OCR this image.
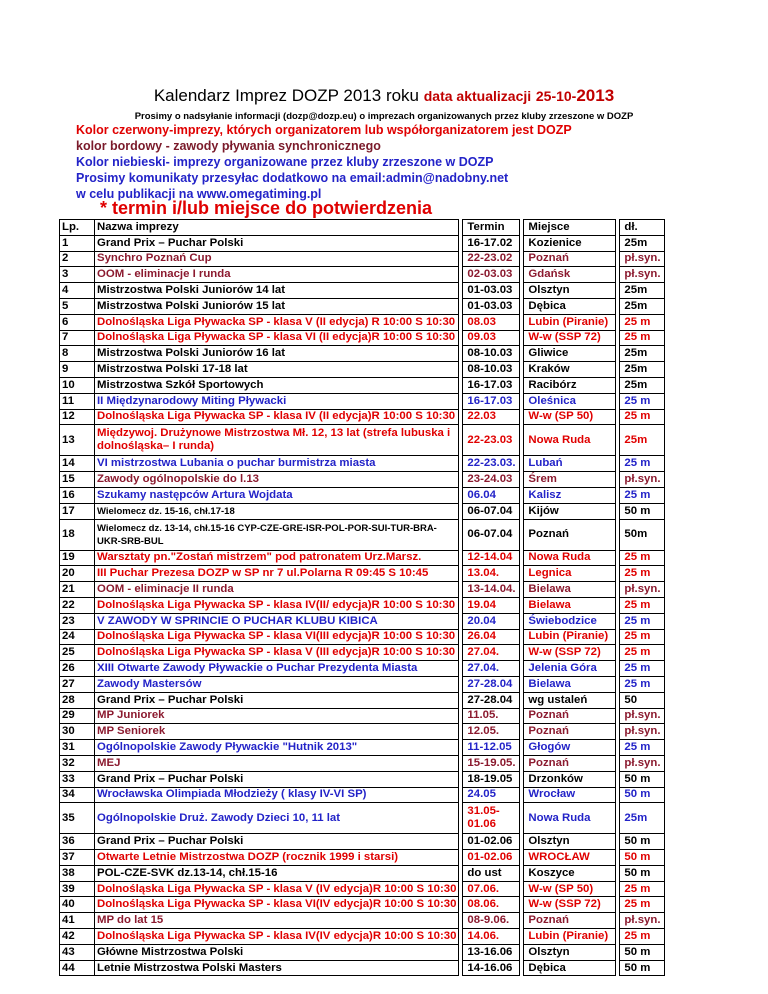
Kalendarz Imprez DOZP 2013 roku data aktualizacji 25-10-2013
Prosimy o nadsyłanie informacji (dozp@dozp.eu) o imprezach organizowanych przez kluby zrzeszone w DOZP
Kolor czerwony-imprezy, których organizatorem lub współorganizatorem jest DOZP
kolor bordowy - zawody pływania synchronicznego
Kolor niebieski- imprezy organizowane przez kluby zrzeszone w DOZP
Prosimy komunikaty przesyłac dodatkowo na email:admin@nadobny.net
w celu publikacji na www.omegatiming.pl
* termin i/lub miejsce do potwierdzenia
Lp.	Nazwa imprezy		Termin		Miejsce		dł.
1	Grand Prix – Puchar Polski		16-17.02		Kozienice		25m
2	Synchro Poznań Cup		22-23.02		Poznań		pł.syn.
3	OOM - eliminacje I runda		02-03.03		Gdańsk		pł.syn.
4	Mistrzostwa Polski Juniorów 14 lat		01-03.03		Olsztyn		25m
5	Mistrzostwa Polski Juniorów 15 lat		01-03.03		Dębica		25m
6	Dolnośląska Liga Pływacka SP - klasa V (II edycja) R 10:00 S 10:30		08.03		Lubin (Piranie)		25 m
7	Dolnośląska Liga Pływacka SP - klasa VI (II edycja)R 10:00 S 10:30		09.03		W-w (SSP 72)		25 m
8	Mistrzostwa Polski Juniorów 16 lat		08-10.03		Gliwice		25m
9	Mistrzostwa Polski 17-18 lat		08-10.03		Kraków		25m
10	Mistrzostwa Szkół Sportowych		16-17.03		Racibórz		25m
11	II Międzynarodowy Miting Pływacki		16-17.03		Oleśnica		25 m
12	Dolnośląska Liga Pływacka SP - klasa IV (II edycja)R 10:00 S 10:30		22.03		W-w (SP 50)		25 m
13	Międzywoj. Drużynowe Mistrzostwa Mł. 12, 13 lat (strefa lubuska i dolnośląska– I runda)		22-23.03		Nowa Ruda		25m
14	VI mistrzostwa Lubania o puchar burmistrza miasta		22-23.03.		Lubań		25 m
15	Zawody ogólnopolskie do l.13		23-24.03		Śrem		pł.syn.
16	Szukamy następców Artura Wojdata		06.04		Kalisz		25 m
17	Wielomecz dz. 15-16, chł.17-18		06-07.04		Kijów		50 m
18	Wielomecz dz. 13-14, chł.15-16 CYP-CZE-GRE-ISR-POL-POR-SUI-TUR-BRA-UKR-SRB-BUL		06-07.04		Poznań		50m
19	Warsztaty pn."Zostań mistrzem" pod patronatem Urz.Marsz.		12-14.04		Nowa Ruda		25 m
20	III Puchar Prezesa DOZP w SP nr 7 ul.Polarna R 09:45 S 10:45		13.04.		Legnica		25 m
21	OOM - eliminacje II runda		13-14.04.		Bielawa		pł.syn.
22	Dolnośląska Liga Pływacka SP - klasa IV(II/ edycja)R 10:00 S 10:30		19.04		Bielawa		25 m
23	V ZAWODY W SPRINCIE O PUCHAR KLUBU KIBICA		20.04		Świebodzice		25 m
24	Dolnośląska Liga Pływacka SP - klasa VI(III edycja)R 10:00 S 10:30		26.04		Lubin (Piranie)		25 m
25	Dolnośląska Liga Pływacka SP - klasa V (III edycja)R 10:00 S 10:30		27.04.		W-w (SSP 72)		25 m
26	XIII Otwarte Zawody Pływackie o Puchar Prezydenta Miasta		27.04.		Jelenia Góra		25 m
27	Zawody Mastersów		27-28.04		Bielawa		25 m
28	Grand Prix – Puchar Polski		27-28.04		wg ustaleń		50
29	MP Juniorek		11.05.		Poznań		pł.syn.
30	MP Seniorek		12.05.		Poznań		pł.syn.
31	Ogólnopolskie Zawody Pływackie "Hutnik 2013"		11-12.05		Głogów		25 m
32	MEJ		15-19.05.		Poznań		pł.syn.
33	Grand Prix – Puchar Polski		18-19.05		Drzonków		50 m
34	Wrocławska Olimpiada Młodzieży ( klasy IV-VI SP)		24.05		Wrocław		50 m
35	Ogólnopolskie Druż. Zawody Dzieci 10, 11 lat		31.05-01.06		Nowa Ruda		25m
36	Grand Prix – Puchar Polski		01-02.06		Olsztyn		50 m
37	Otwarte Letnie Mistrzostwa DOZP (rocznik 1999 i starsi)		01-02.06		WROCŁAW		50 m
38	POL-CZE-SVK dz.13-14, chł.15-16		do ust		Koszyce		50 m
39	Dolnośląska Liga Pływacka SP - klasa V (IV edycja)R 10:00 S 10:30		07.06.		W-w (SP 50)		25 m
40	Dolnośląska Liga Pływacka SP - klasa VI(IV edycja)R 10:00 S 10:30		08.06.		W-w (SSP 72)		25 m
41	MP do lat 15		08-9.06.		Poznań		pł.syn.
42	Dolnośląska Liga Pływacka SP - klasa IV(IV edycja)R 10:00 S 10:30		14.06.		Lubin (Piranie)		25 m
43	Główne Mistrzostwa Polski		13-16.06		Olsztyn		50 m
44	Letnie Mistrzostwa Polski Masters		14-16.06		Dębica		50 m
